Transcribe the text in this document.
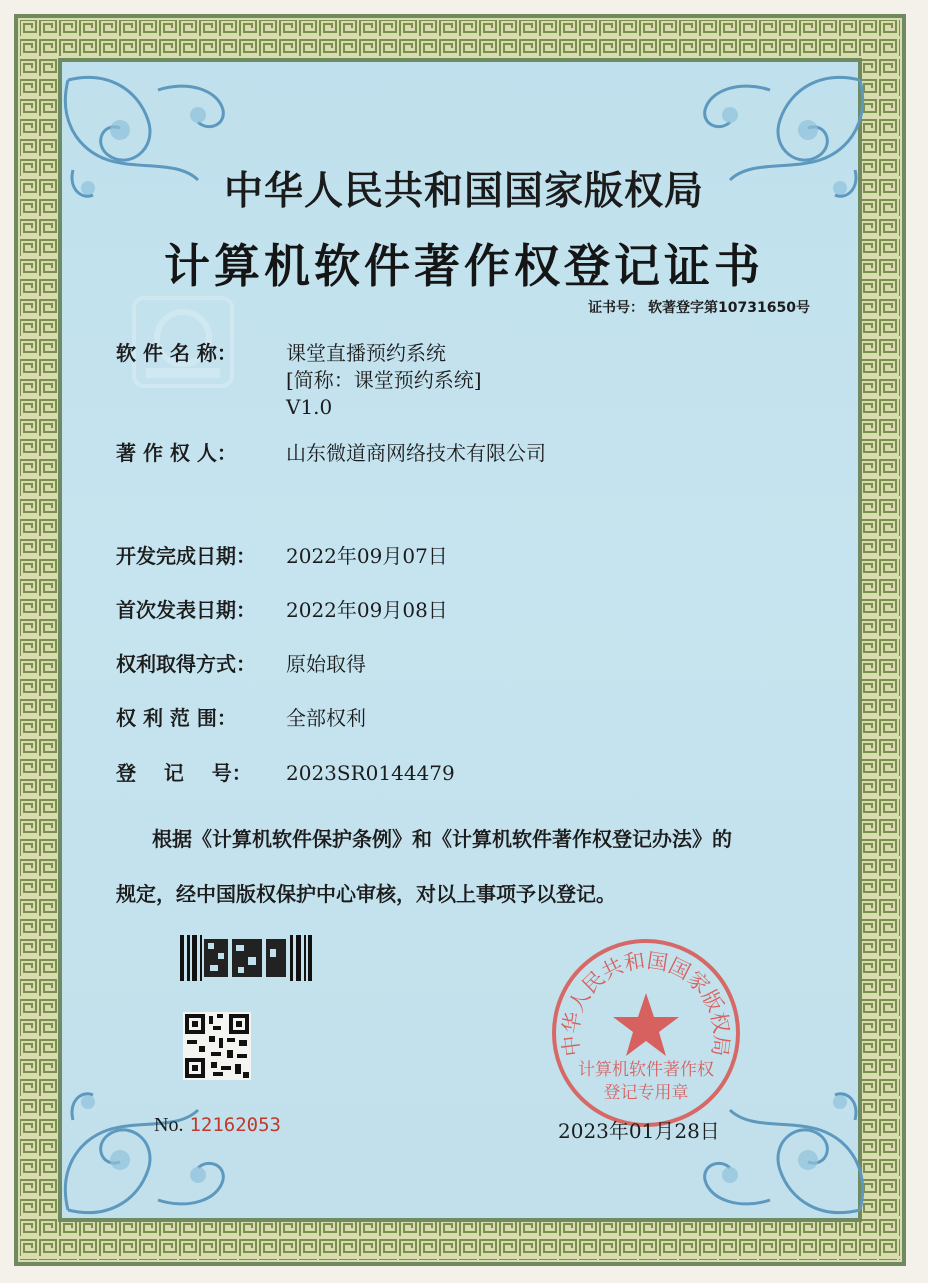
中华人民共和国国家版权局
计算机软件著作权登记证书
证书号： 软著登字第10731650号
软 件 名 称：	课堂直播预约系统
[简称：课堂预约系统]
V1.0
著 作 权 人：	山东微道商网络技术有限公司
开发完成日期：	2022年09月07日
首次发表日期：	2022年09月08日
权利取得方式：	原始取得
权 利 范 围：	全部权利
登    记    号：	2023SR0144479
根据《计算机软件保护条例》和《计算机软件著作权登记办法》的
规定，经中国版权保护中心审核，对以上事项予以登记。
No. 12162053
中华人民共和国国家版权局
计算机软件著作权
登记专用章
2023年01月28日
